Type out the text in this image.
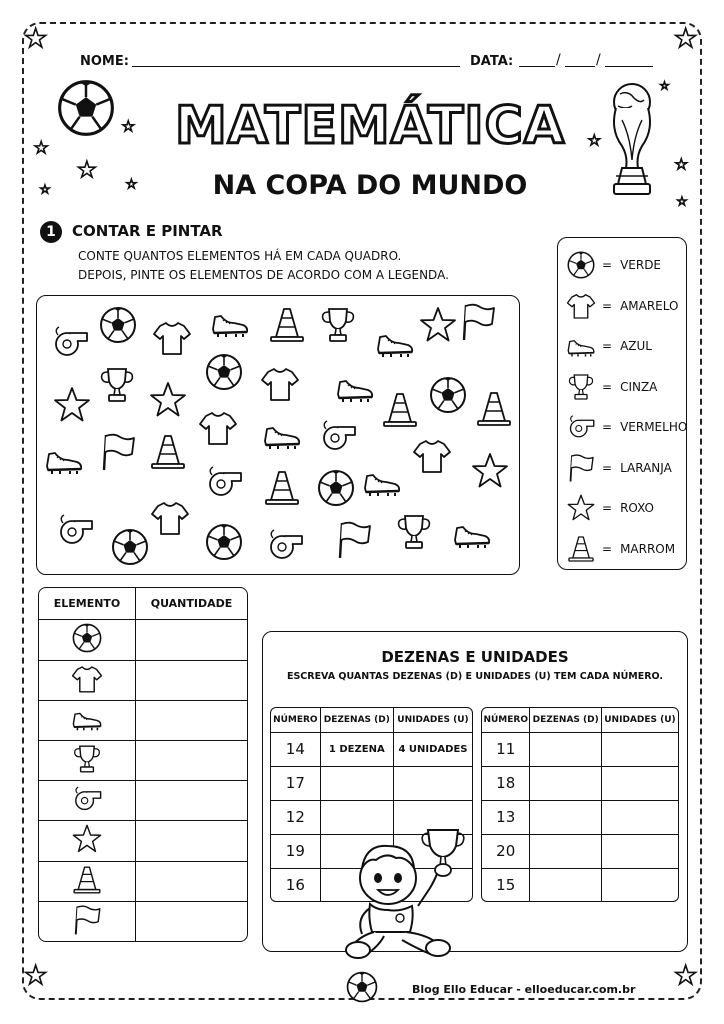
★	★
★	★
NOME:	DATA:	/	/
★
★
★
★
★
★
★
★
★
MATEMÁTICA
NA COPA DO MUNDO
1	CONTAR E PINTAR
CONTE QUANTOS ELEMENTOS HÁ EM CADA QUADRO.
DEPOIS, PINTE OS ELEMENTOS DE ACORDO COM A LEGENDA.
= VERDE
= AMARELO
= AZUL
= CINZA
= VERMELHO
= LARANJA
= ROXO
= MARROM
ELEMENTO	QUANTIDADE

DEZENAS E UNIDADES
ESCREVA QUANTAS DEZENAS (D) E UNIDADES (U) TEM CADA NÚMERO.
NÚMERO	DEZENAS (D)	UNIDADES (U)
14	1 DEZENA	4 UNIDADES
17		
12		
19		
16		
NÚMERO	DEZENAS (D)	UNIDADES (U)
11		
18		
13		
20		
15		
Blog Ello Educar - elloeducar.com.br
